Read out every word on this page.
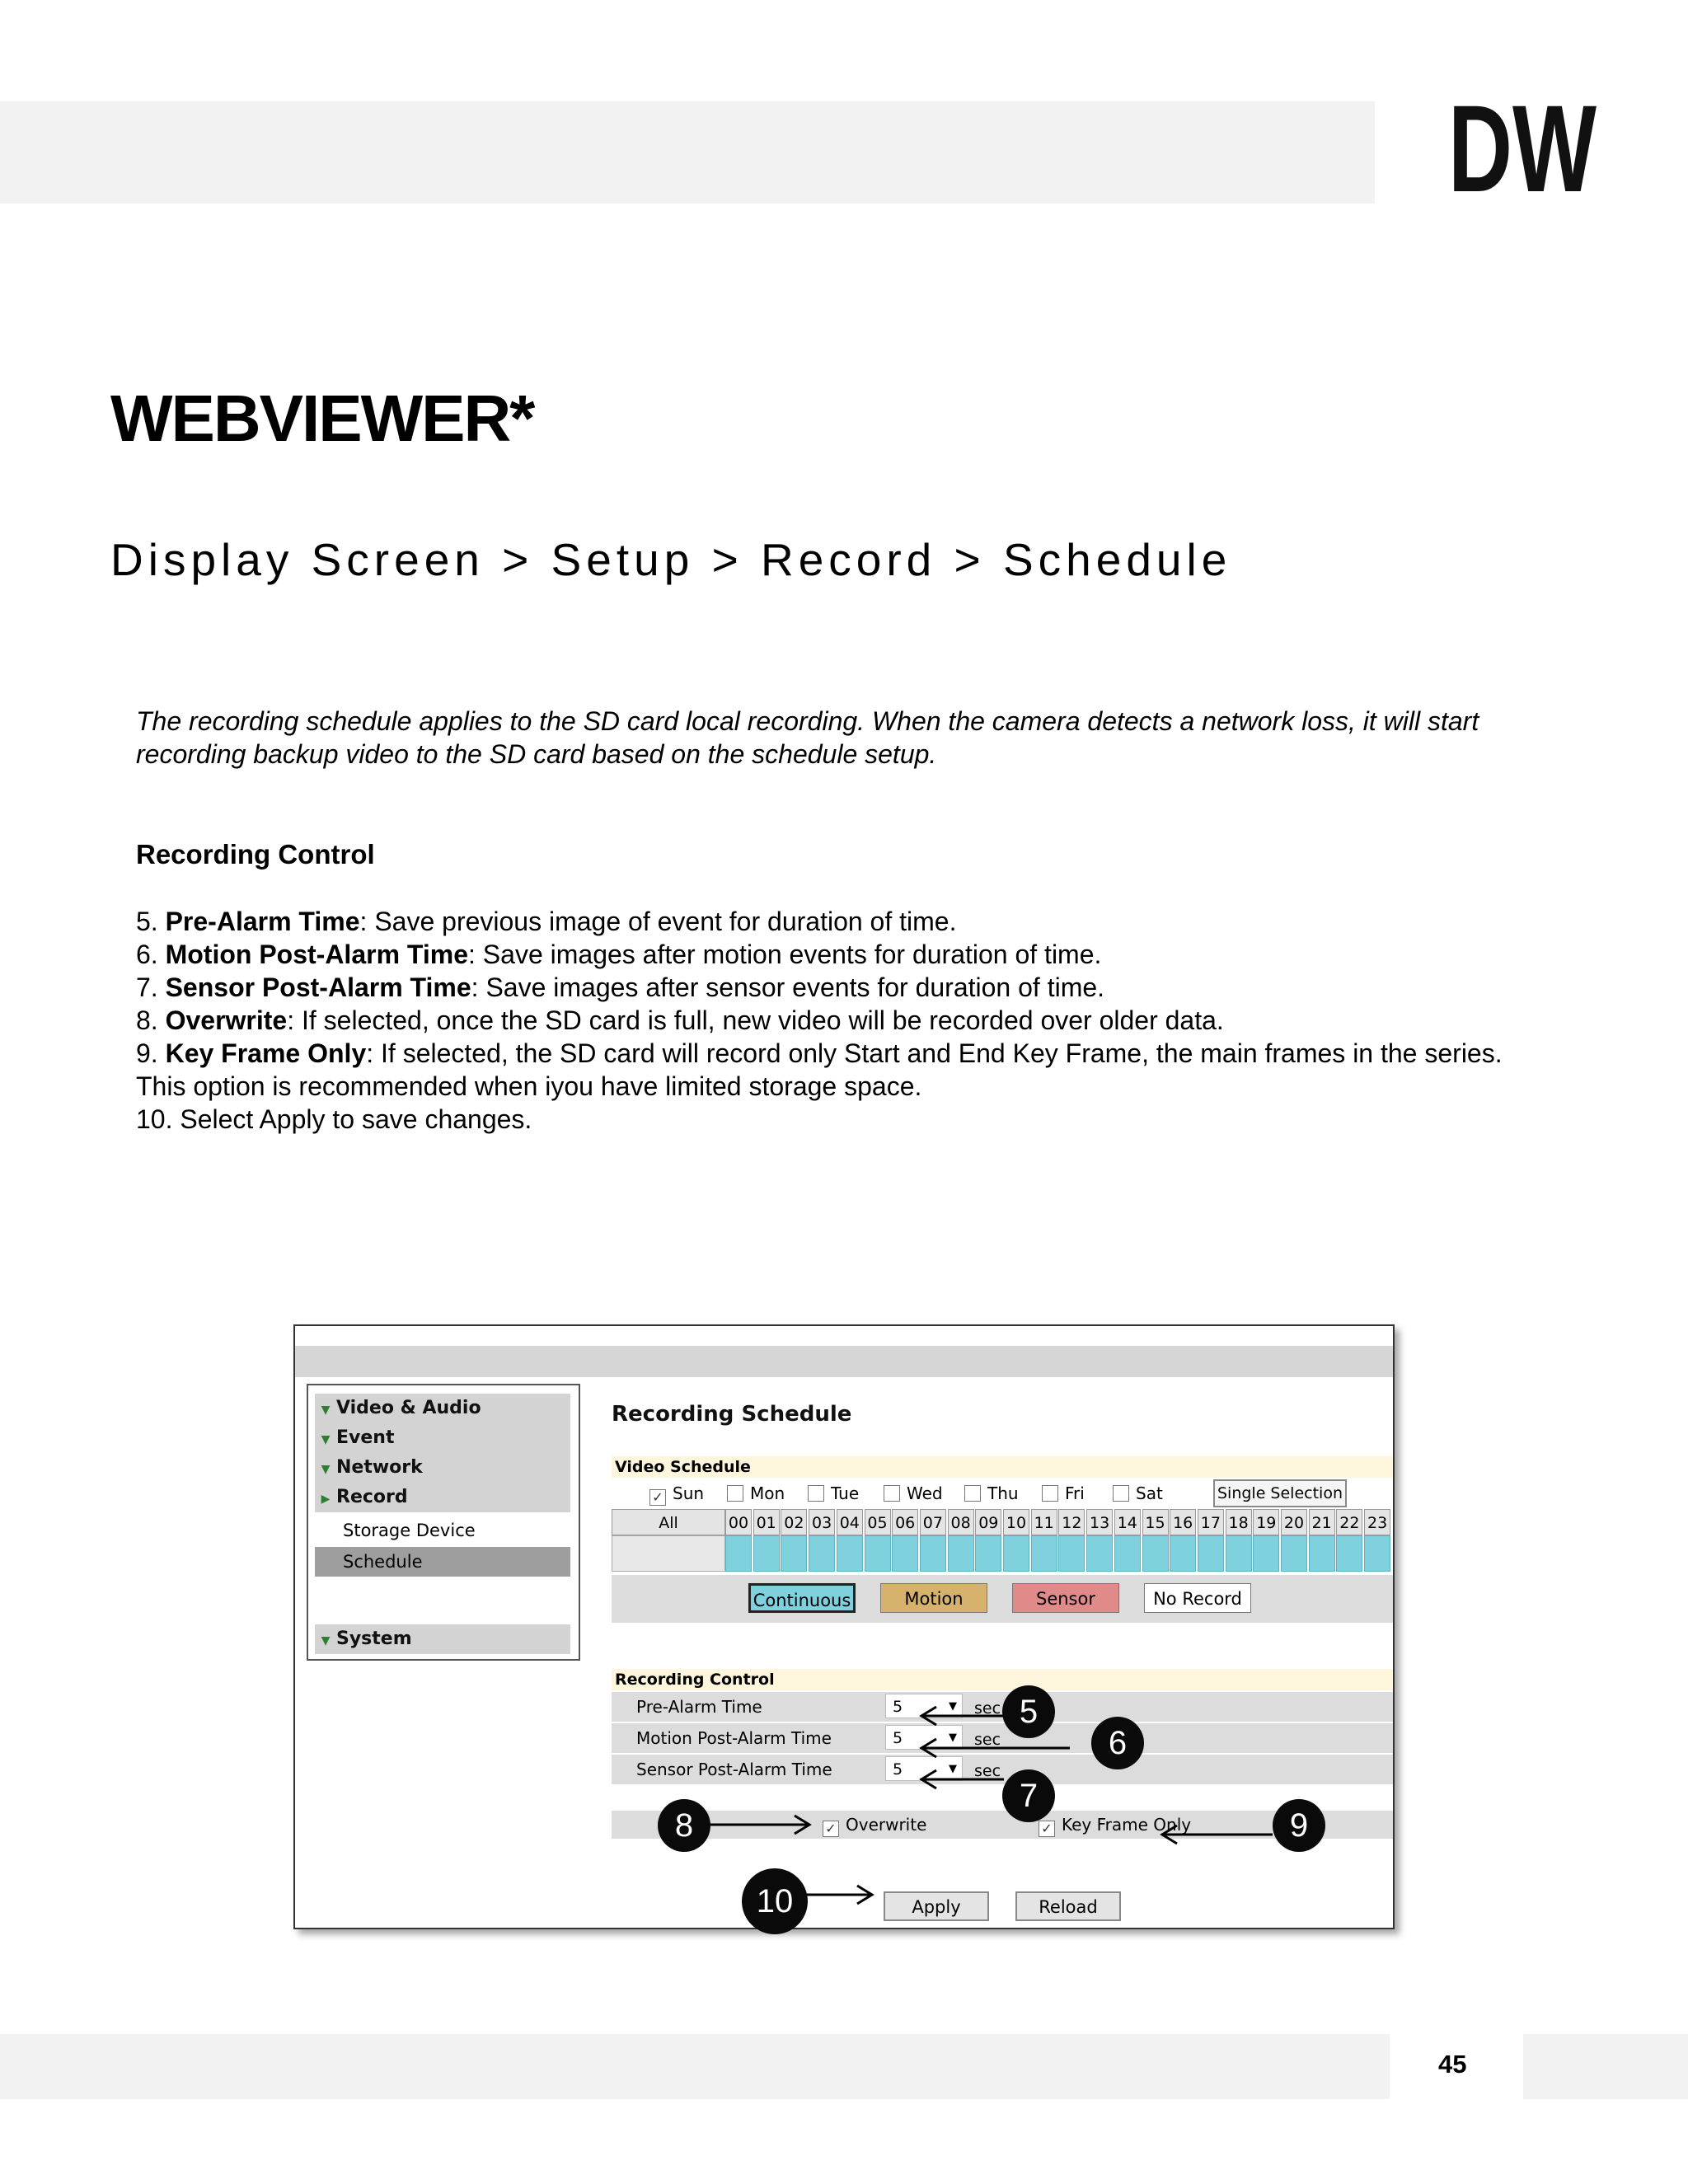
DW
WEBVIEWER*
Display Screen > Setup > Record > Schedule

The recording schedule applies to the SD card local recording. When the camera detects a network loss, it will start recording backup video to the SD card based on the schedule setup.

Recording Control

5. Pre-Alarm Time: Save previous image of event for duration of time.
6. Motion Post-Alarm Time: Save images after motion events for duration of time.
7. Sensor Post-Alarm Time: Save images after sensor events for duration of time.
8. Overwrite: If selected, once the SD card is full, new video will be recorded over older data.
9. Key Frame Only: If selected, the SD card will record only Start and End Key Frame, the main frames in the series.
This option is recommended when iyou have limited storage space.
10. Select Apply to save changes.
▼ Video & Audio
▼ Event
▼ Network
▶ Record
Storage Device
Schedule
▼ System
Recording Schedule
Video Schedule
✓ Sun	Mon	Tue	Wed	Thu	Fri	Sat	Single Selection
All	00 01 02 03 04 05 06 07 08 09 10 11 12 13 14 15 16 17 18 19 20 21 22 23
Continuous	Motion	Sensor	No Record
Recording Control
Pre-Alarm Time	5	▼ sec
Motion Post-Alarm Time	5	▼ sec
Sensor Post-Alarm Time	5	▼ sec
✓ Overwrite	✓ Key Frame Only
Apply	Reload
5
6
7
8	9
10
45
